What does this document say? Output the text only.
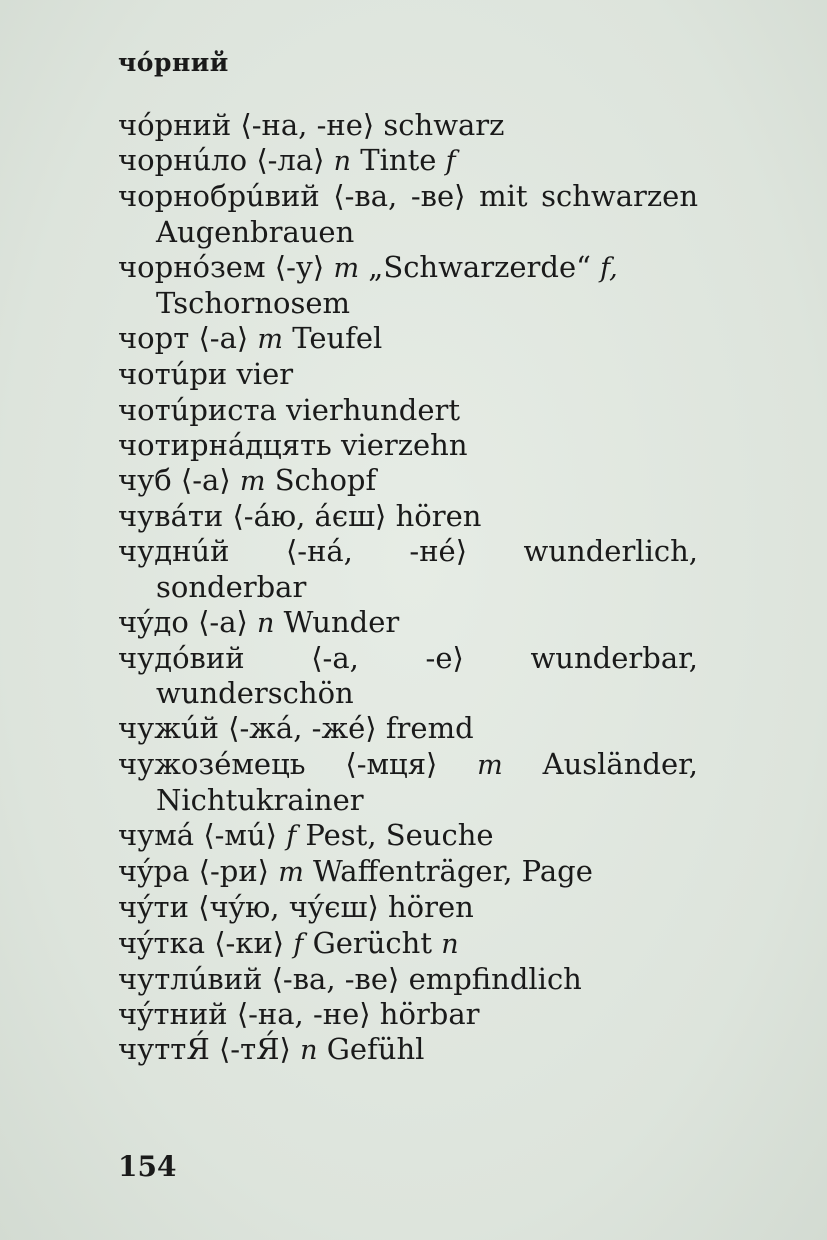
чóрний
чóрний ⟨-на, -не⟩ schwarz
чорнúло ⟨-ла⟩ n Tinte f
чорнобрúвий ⟨-ва, -ве⟩ mit schwarzen Augenbrauen
чорнóзем ⟨-у⟩ m „Schwarzerde“ f, Tschornosem
чорт ⟨-а⟩ m Teufel
чотúри vier
чотúриста vierhundert
чотирнáдцять vierzehn
чуб ⟨-а⟩ m Schopf
чувáти ⟨-áю, áєш⟩ hören
чуднúй ⟨-нá, -нé⟩ wunderlich, sonderbar
чýдо ⟨-а⟩ n Wunder
чудóвий ⟨-а, -е⟩ wunderbar, wunderschön
чужúй ⟨-жá, -жé⟩ fremd
чужозéмець ⟨-мця⟩ m Ausländer, Nichtukrainer
чумá ⟨-мú⟩ f Pest, Seuche
чýра ⟨-ри⟩ m Waffenträger, Page
чýти ⟨чýю, чýєш⟩ hören
чýтка ⟨-ки⟩ f Gerücht n
чутлúвий ⟨-ва, -ве⟩ empfindlich
чýтний ⟨-на, -не⟩ hörbar
чуттЯ́ ⟨-тЯ́⟩ n Gefühl
154
